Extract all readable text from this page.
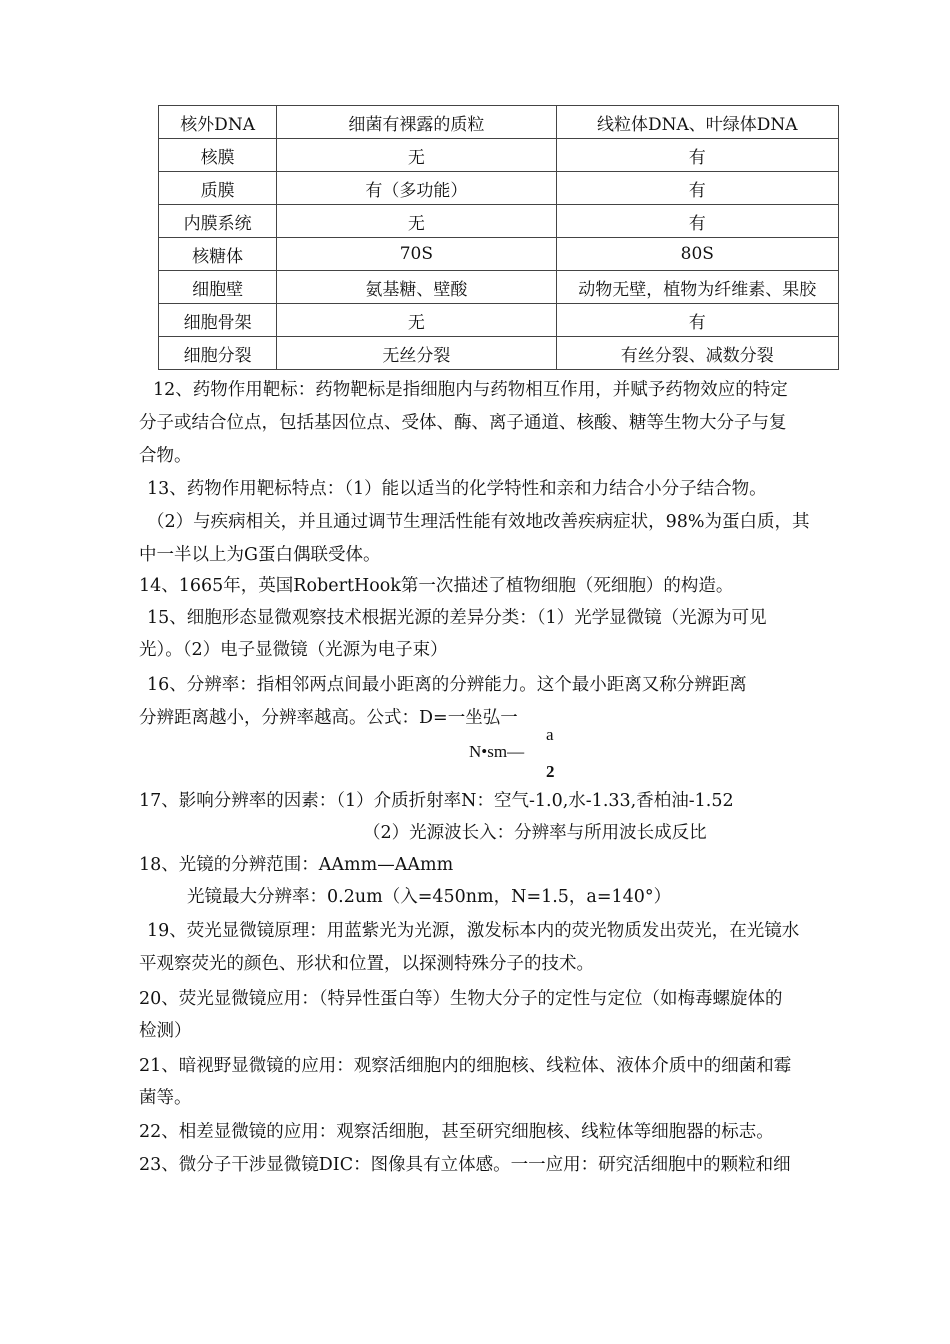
核外DNA	细菌有裸露的质粒	线粒体DNA、叶绿体DNA
核膜	无	有
质膜	有（多功能）	有
内膜系统	无	有
核糖体	70S	80S
细胞壁	氨基糖、壁酸	动物无壁，植物为纤维素、果胶
细胞骨架	无	有
细胞分裂	无丝分裂	有丝分裂、减数分裂
12、药物作用靶标：药物靶标是指细胞内与药物相互作用，并赋予药物效应的特定
分子或结合位点，包括基因位点、受体、酶、离子通道、核酸、糖等生物大分子与复
合物。
13、药物作用靶标特点：（1）能以适当的化学特性和亲和力结合小分子结合物。
（2）与疾病相关，并且通过调节生理活性能有效地改善疾病症状，98%为蛋白质，其
中一半以上为G蛋白偶联受体。
14、1665年，英国RobertHook第一次描述了植物细胞（死细胞）的构造。
15、细胞形态显微观察技术根据光源的差异分类：（1）光学显微镜（光源为可见
光）。（2）电子显微镜（光源为电子束）
16、分辨率：指相邻两点间最小距离的分辨能力。这个最小距离又称分辨距离
分辨距离越小，分辨率越高。公式：D=一坐弘一
a
N•sm—
2
17、影响分辨率的因素：（1）介质折射率N：空气-1.0,水-1.33,香柏油-1.52
（2）光源波长入：分辨率与所用波长成反比
18、光镜的分辨范围：AAmm—AAmm
光镜最大分辨率：0.2um（入=450nm，N=1.5，a=140°）
19、荧光显微镜原理：用蓝紫光为光源，激发标本内的荧光物质发出荧光，在光镜水
平观察荧光的颜色、形状和位置，以探测特殊分子的技术。
20、荧光显微镜应用：（特异性蛋白等）生物大分子的定性与定位（如梅毒螺旋体的
检测）
21、暗视野显微镜的应用：观察活细胞内的细胞核、线粒体、液体介质中的细菌和霉
菌等。
22、相差显微镜的应用：观察活细胞，甚至研究细胞核、线粒体等细胞器的标志。
23、微分子干涉显微镜DIC：图像具有立体感。一一应用：研究活细胞中的颗粒和细
